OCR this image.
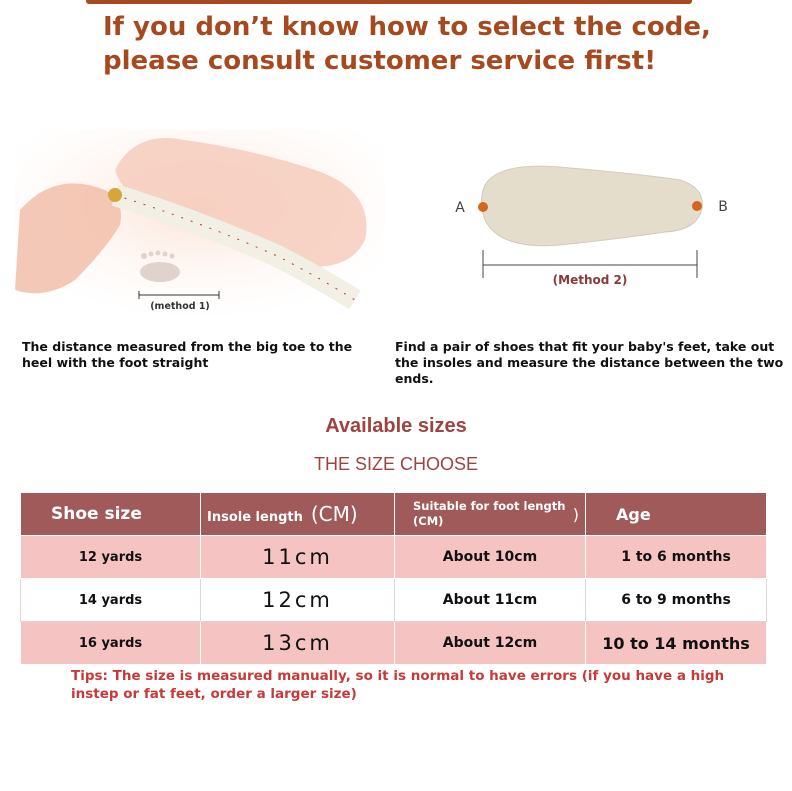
If you don’t know how to select the code,
please consult customer service first!
(method 1)
A	B
(Method 2)
The distance measured from the big toe to the heel with the foot straight
Find a pair of shoes that fit your baby's feet, take out the insoles and measure the distance between the two ends.
Available sizes
THE SIZE CHOOSE
Shoe size	Insole length (CM)	Suitable for foot length
(CM) )	Age
12 yards	11cm	About 10cm	1 to 6 months
14 yards	12cm	About 11cm	6 to 9 months
16 yards	13cm	About 12cm	10 to 14 months
Tips: The size is measured manually, so it is normal to have errors (if you have a high instep or fat feet, order a larger size)
